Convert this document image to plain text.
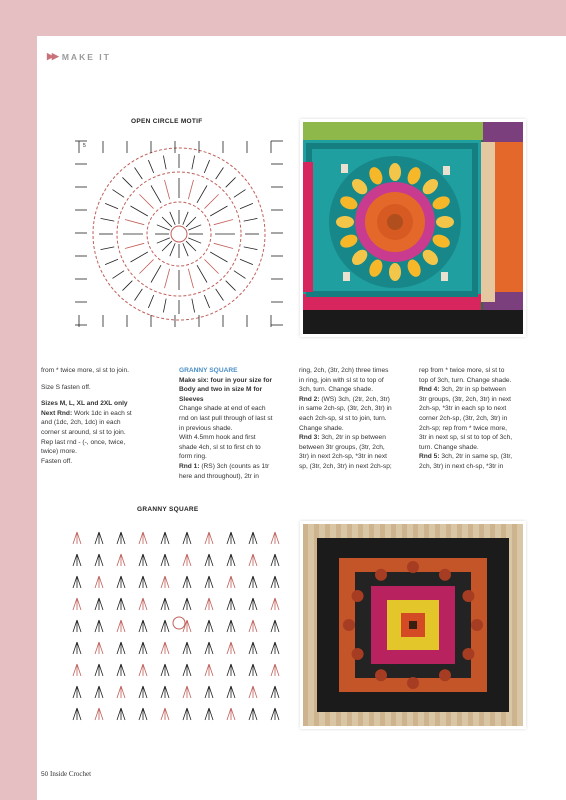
▶▶ MAKE IT
OPEN CIRCLE MOTIF
5

from * twice more, sl st to join.

Size S fasten off.

Sizes M, L, XL and 2XL only

Next Rnd: Work 1dc in each st and (1dc, 2ch, 1dc) in each corner st around, sl st to join. Rep last rnd - (-, once, twice, twice) more.

Fasten off.

GRANNY SQUARE

Make six: four in your size for Body and two in size M for Sleeves

Change shade at end of each rnd on last pull through of last st in previous shade.

With 4.5mm hook and first shade 4ch, sl st to first ch to form ring.

Rnd 1: (RS) 3ch (counts as 1tr here and throughout), 2tr in

ring, 2ch, (3tr, 2ch) three times in ring, join with sl st to top of 3ch, turn. Change shade.

Rnd 2: (WS) 3ch, (2tr, 2ch, 3tr) in same 2ch-sp, (3tr, 2ch, 3tr) in each 2ch-sp, sl st to join, turn. Change shade.

Rnd 3: 3ch, 2tr in sp between between 3tr groups, (3tr, 2ch, 3tr) in next 2ch-sp, *3tr in next sp, (3tr, 2ch, 3tr) in next 2ch-sp;

rep from * twice more, sl st to top of 3ch, turn. Change shade.

Rnd 4: 3ch, 2tr in sp between 3tr groups, (3tr, 2ch, 3tr) in next 2ch-sp, *3tr in each sp to next corner 2ch-sp, (3tr, 2ch, 3tr) in 2ch-sp; rep from * twice more, 3tr in next sp, sl st to top of 3ch, turn. Change shade.

Rnd 5: 3ch, 2tr in same sp, (3tr, 2ch, 3tr) in next ch-sp, *3tr in

GRANNY SQUARE
50 Inside Crochet
PassionForum.ru
